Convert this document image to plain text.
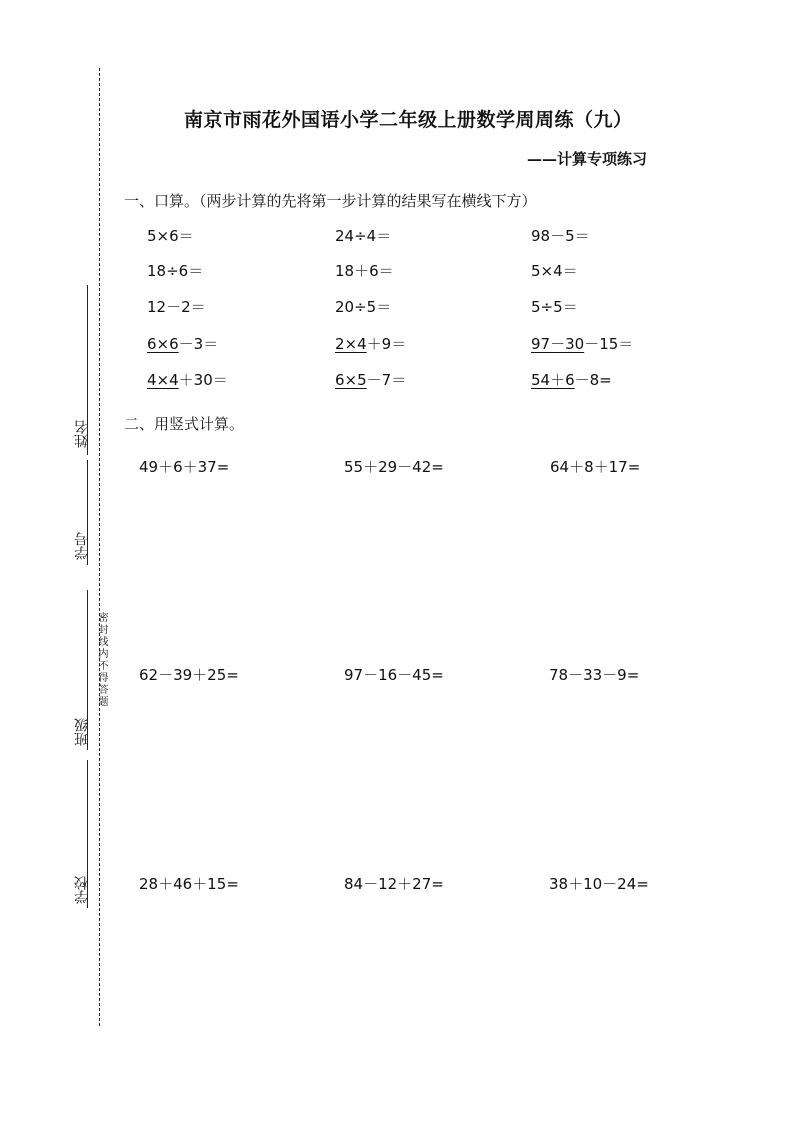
姓名
学号
班级
学校
密封线内不得答题
南京市雨花外国语小学二年级上册数学周周练（九）
——计算专项练习
一、口算。（两步计算的先将第一步计算的结果写在横线下方）
5×6＝	24÷4＝	98－5＝
18÷6＝	18＋6＝	5×4＝
12－2＝	20÷5＝	5÷5＝
6×6－3＝	2×4＋9＝	97－30－15＝
4×4＋30＝	6×5－7＝	54＋6－8=
二、用竖式计算。
49＋6＋37=	55＋29－42=	64＋8＋17=
62－39＋25=	97－16－45=	78－33－9=
28＋46＋15=	84－12＋27=	38＋10－24=
